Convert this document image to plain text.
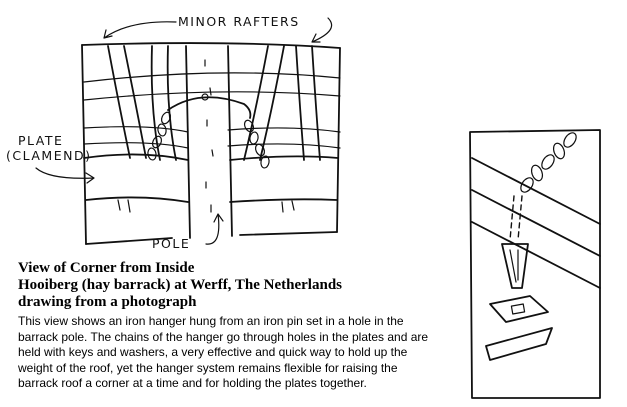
MINOR RAFTERS
PLATE
(CLAMEND)
POLE

View of Corner from Inside

Hooiberg (hay barrack) at Werff, The Netherlands

drawing from a photograph

This view shows an iron hanger hung from an iron pin set in a hole in the barrack pole. The chains of the hanger go through holes in the plates and are held with keys and washers, a very effective and quick way to hold up the weight of the roof, yet the hanger system remains flexible for raising the barrack roof a corner at a time and for holding the plates together.
